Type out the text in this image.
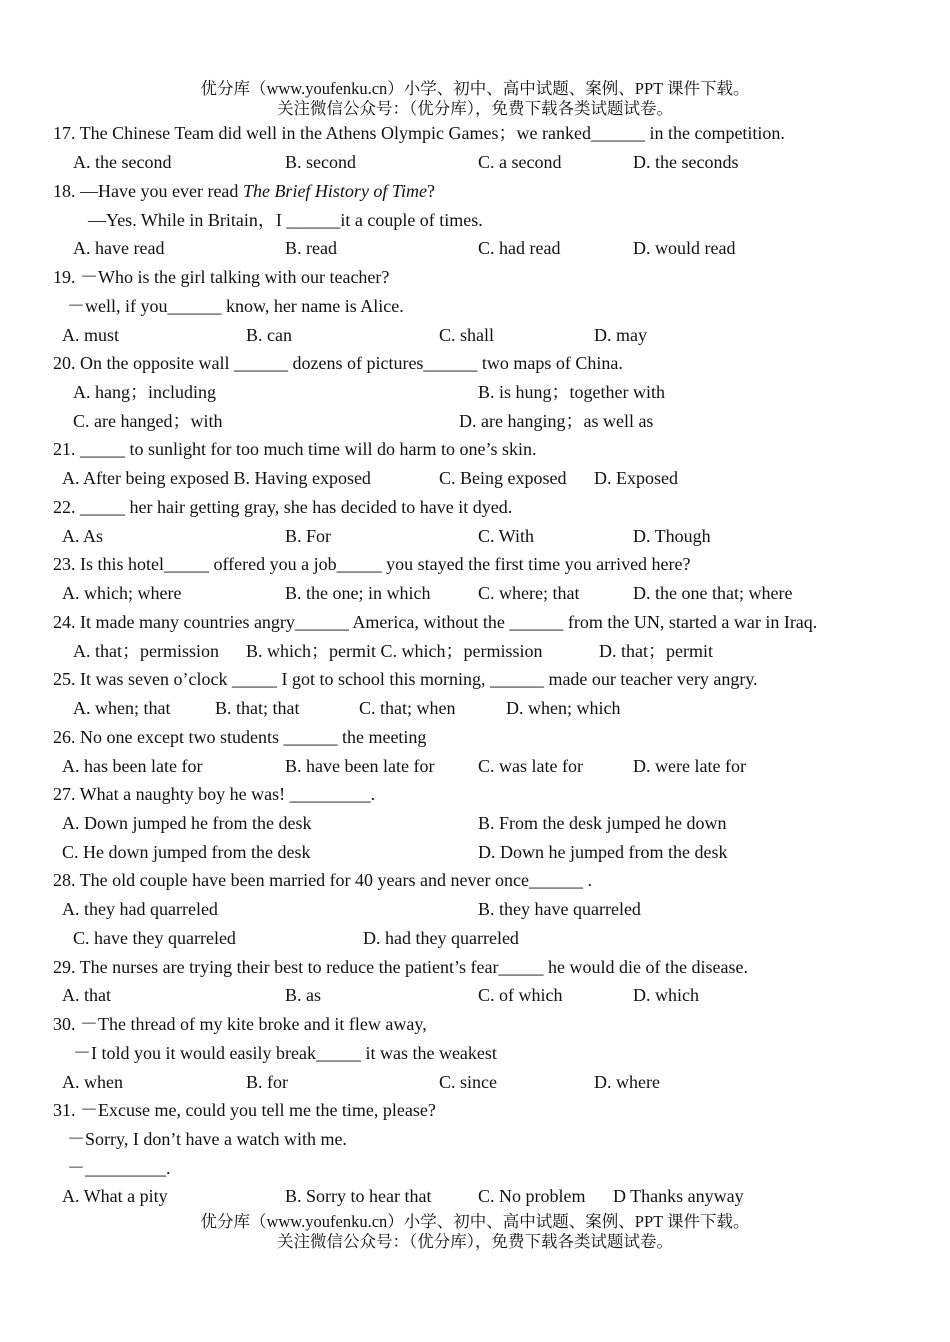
优分库（www.youfenku.cn）小学、初中、高中试题、案例、PPT 课件下载。
关注微信公众号：（优分库），免费下载各类试题试卷。
17. The Chinese Team did well in the Athens Olympic Games；we ranked______ in the competition.
A. the second	B. second	C. a second	D. the seconds
18. —Have you ever read The Brief History of Time?
—Yes. While in Britain，I ______it a couple of times.
A. have read	B. read	C. had read	D. would read
19. －Who is the girl talking with our teacher?
－well, if you______ know, her name is Alice.
A. must	B. can	C. shall	D. may
20. On the opposite wall ______ dozens of pictures______ two maps of China.
A. hang；including	B. is hung；together with
C. are hanged；with	D. are hanging；as well as
21. _____ to sunlight for too much time will do harm to one’s skin.
A. After being exposed B. Having exposed	C. Being exposed D. Exposed
22. _____ her hair getting gray, she has decided to have it dyed.
A. As	B. For	C. With	D. Though
23. Is this hotel_____ offered you a job_____ you stayed the first time you arrived here?
A. which; where	B. the one; in which	C. where; that	D. the one that; where
24. It made many countries angry______ America, without the ______ from the UN, started a war in Iraq.
A. that；permission B. which；permit C. which；permission	D. that；permit
25. It was seven o’clock _____ I got to school this morning, ______ made our teacher very angry.
A. when; that B. that; that	C. that; when	D. when; which
26. No one except two students ______ the meeting
A. has been late for	B. have been late for C. was late for	D. were late for
27. What a naughty boy he was! _________.
A. Down jumped he from the desk	B. From the desk jumped he down
C. He down jumped from the desk	D. Down he jumped from the desk
28. The old couple have been married for 40 years and never once______ .
A. they had quarreled	B. they have quarreled
C. have they quarreled	D. had they quarreled
29. The nurses are trying their best to reduce the patient’s fear_____ he would die of the disease.
A. that	B. as	C. of which	D. which
30. －The thread of my kite broke and it flew away,
－I told you it would easily break_____ it was the weakest
A. when	B. for	C. since	D. where
31. －Excuse me, could you tell me the time, please?
－Sorry, I don’t have a watch with me.
－_________.
A. What a pity	B. Sorry to hear that	C. No problem D Thanks anyway
优分库（www.youfenku.cn）小学、初中、高中试题、案例、PPT 课件下载。
关注微信公众号：（优分库），免费下载各类试题试卷。
